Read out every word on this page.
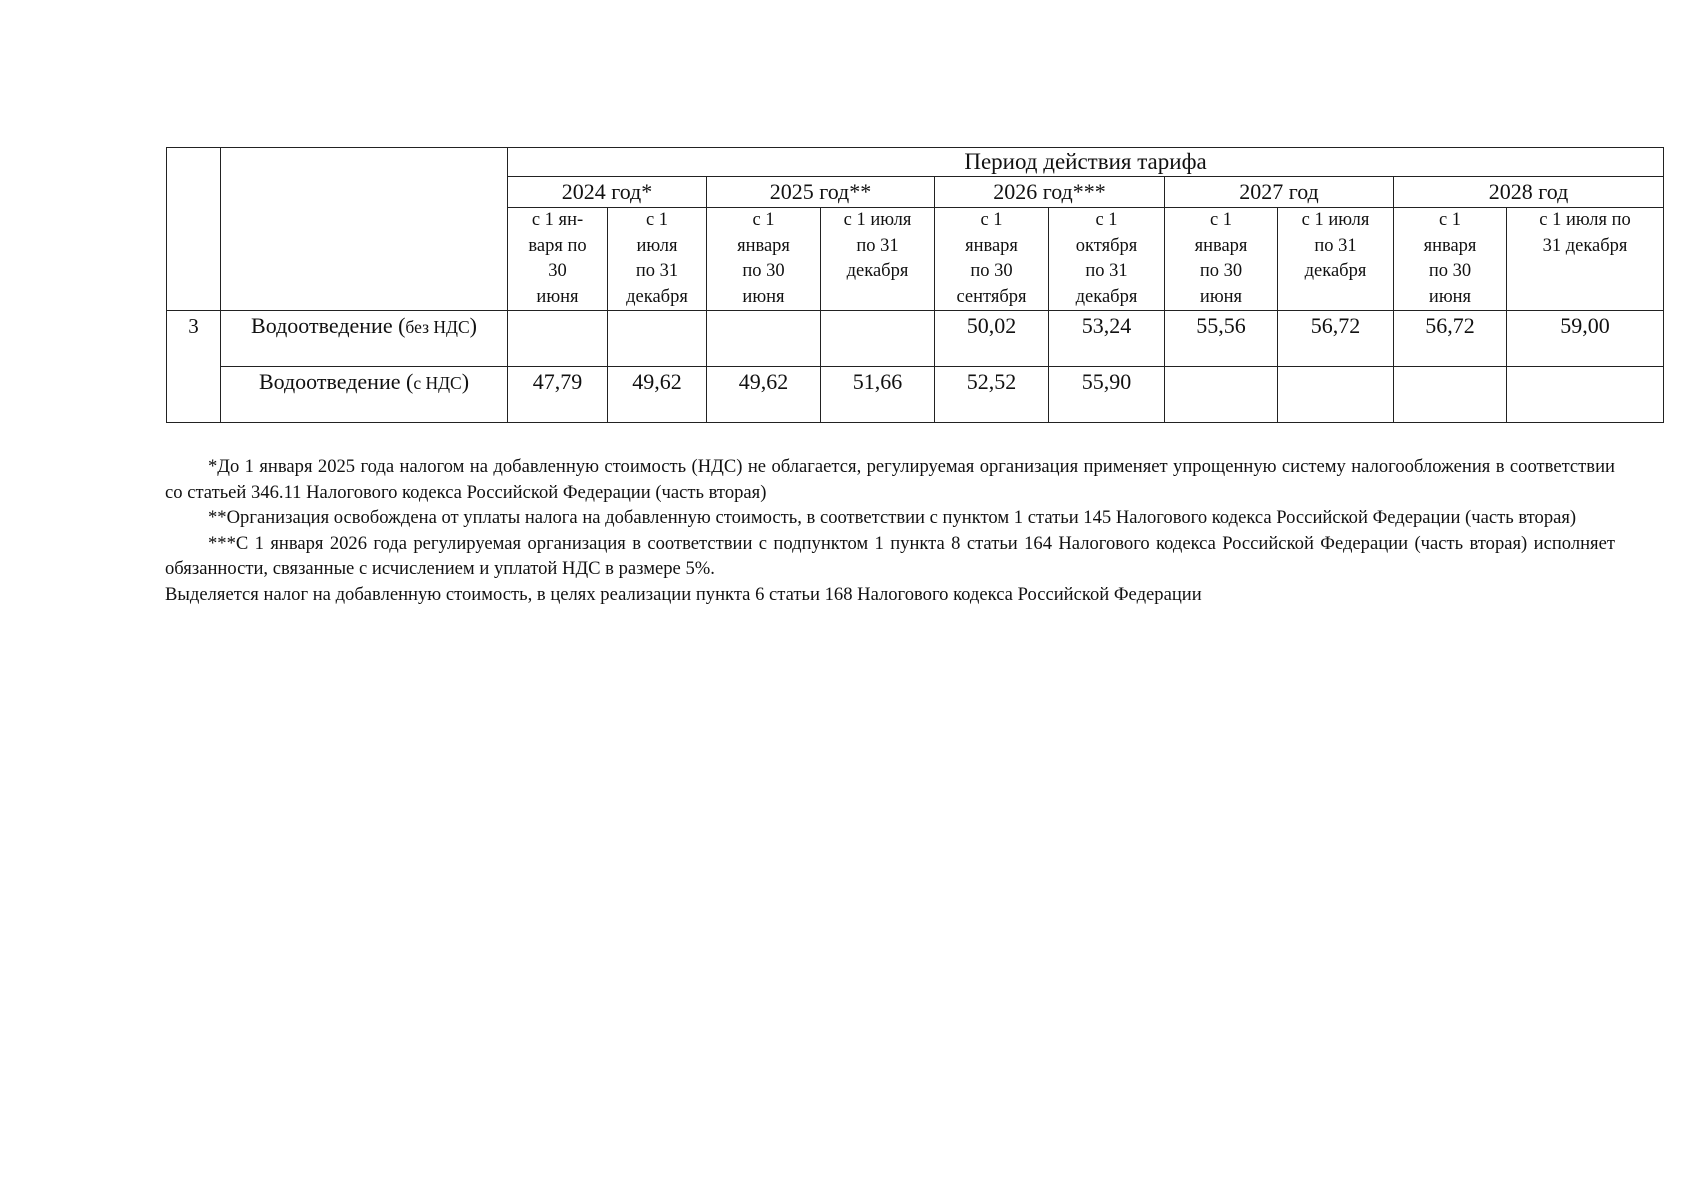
		Период действия тарифа									
		2024 год*		2025 год**		2026 год***		2027 год		2028 год	

		с 1 ян-
варя по
30
июня	с 1
июля
по 31
декабря	с 1
января
по 30
июня	с 1 июля
по 31
декабря	с 1
января
по 30
сентября	с 1
октября
по 31
декабря	с 1
января
по 30
июня	с 1 июля
по 31
декабря	с 1
января
по 30
июня	с 1 июля по
31 декабря

3	Водоотведение (без НДС)					50,02	53,24	55,56	56,72	56,72	59,00
	Водоотведение (с НДС)	47,79	49,62	49,62	51,66	52,52	55,90				

*До 1 января 2025 года налогом на добавленную стоимость (НДС) не облагается, регулируемая организация применяет упрощенную систему налогообложения в соответствии со статьей 346.11 Налогового кодекса Российской Федерации (часть вторая)

**Организация освобождена от уплаты налога на добавленную стоимость, в соответствии с пунктом 1 статьи 145 Налогового кодекса Российской Федерации (часть вторая)

***С 1 января 2026 года регулируемая организация в соответствии с подпунктом 1 пункта 8 статьи 164 Налогового кодекса Российской Федерации (часть вторая) исполняет обязанности, связанные с исчислением и уплатой НДС в размере 5%.

Выделяется налог на добавленную стоимость, в целях реализации пункта 6 статьи 168 Налогового кодекса Российской Федерации
